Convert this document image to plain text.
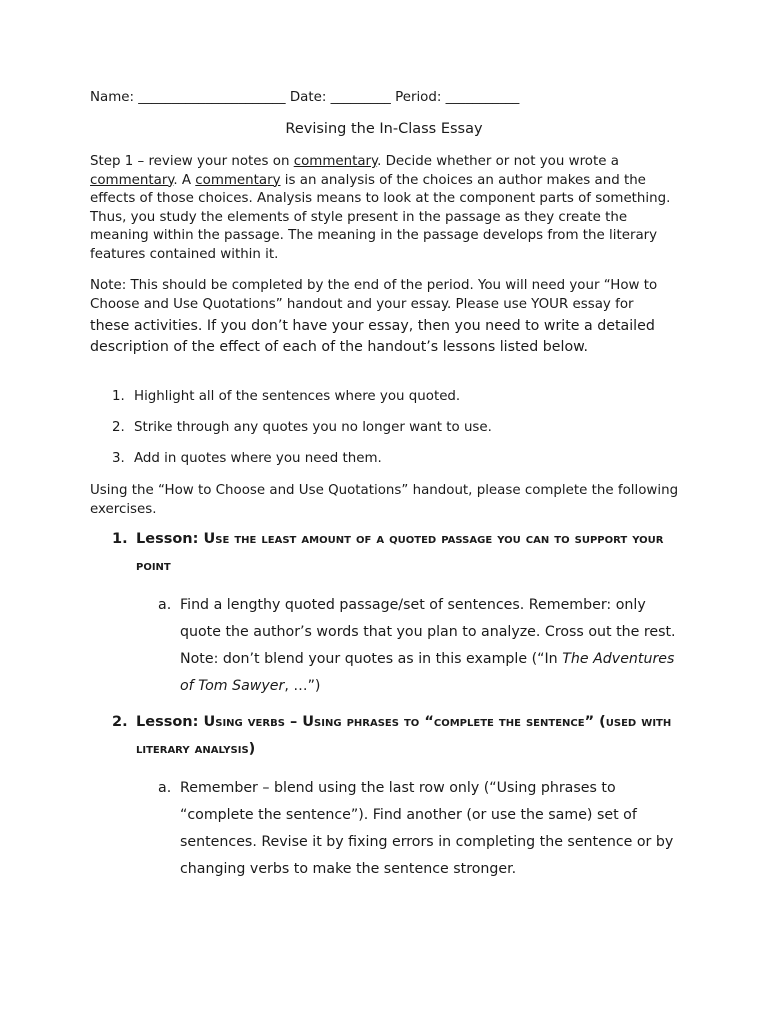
Name: ______________________ Date: _________ Period: ___________

Revising the In-Class Essay

Step 1 – review your notes on commentary. Decide whether or not you wrote a commentary. A commentary is an analysis of the choices an author makes and the effects of those choices. Analysis means to look at the component parts of something. Thus, you study the elements of style present in the passage as they create the meaning within the passage. The meaning in the passage develops from the literary features contained within it.

Note: This should be completed by the end of the period. You will need your “How to Choose and Use Quotations” handout and your essay. Please use YOUR essay for

these activities. If you don’t have your essay, then you need to write a detailed description of the effect of each of the handout’s lessons listed below.

1. Highlight all of the sentences where you quoted.
2. Strike through any quotes you no longer want to use.
3. Add in quotes where you need them.

Using the “How to Choose and Use Quotations” handout, please complete the following exercises.

1. Lesson: Use the least amount of a quoted passage you can to support your point
a. Find a lengthy quoted passage/set of sentences. Remember: only quote the author’s words that you plan to analyze. Cross out the rest. Note: don’t blend your quotes as in this example (“In The Adventures of Tom Sawyer, …”)
2. Lesson: Using verbs – Using phrases to “complete the sentence” (used with literary analysis)
a. Remember – blend using the last row only (“Using phrases to “complete the sentence”). Find another (or use the same) set of sentences. Revise it by fixing errors in completing the sentence or by changing verbs to make the sentence stronger.
